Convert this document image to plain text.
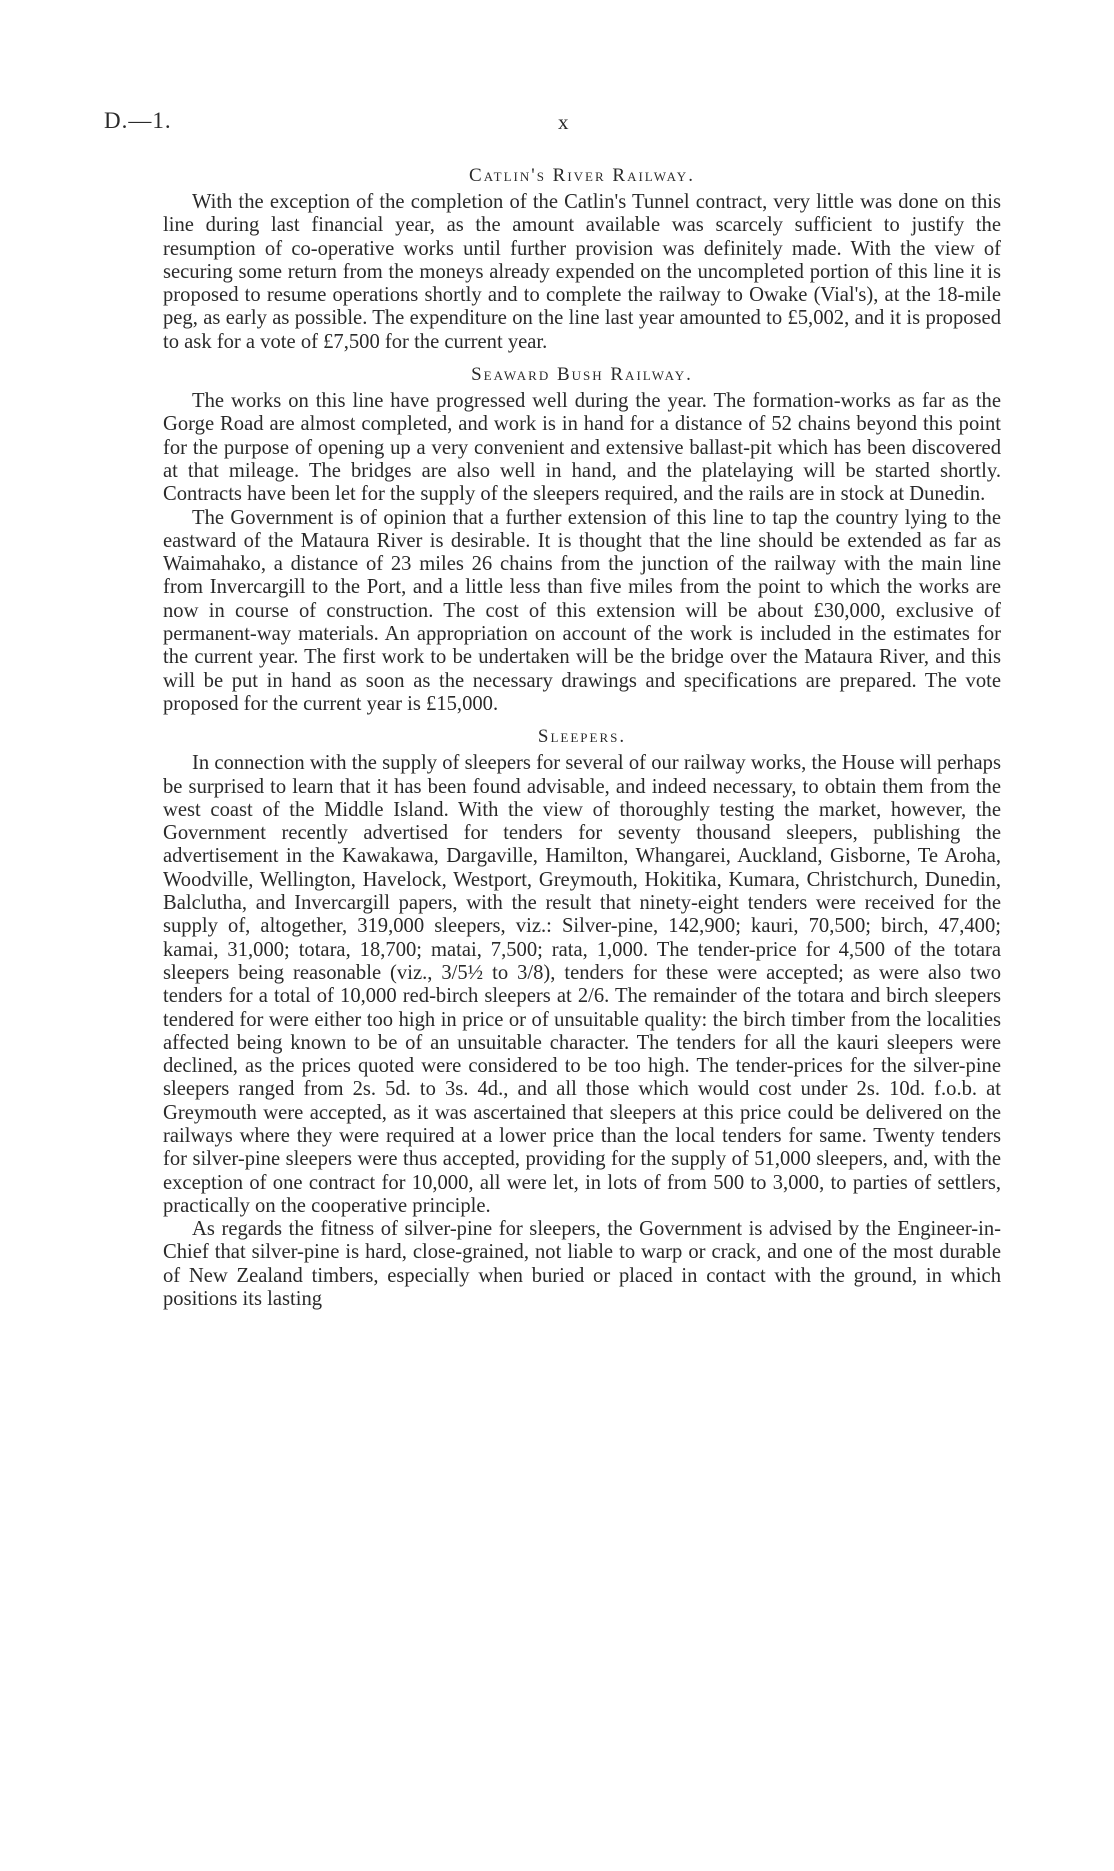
D.—1.	x
Catlin's River Railway.

With the exception of the completion of the Catlin's Tunnel contract, very little was done on this line during last financial year, as the amount available was scarcely sufficient to justify the resumption of co-operative works until further provision was definitely made. With the view of securing some return from the moneys already expended on the uncompleted portion of this line it is proposed to resume operations shortly and to complete the railway to Owake (Vial's), at the 18-mile peg, as early as possible. The expenditure on the line last year amounted to £5,002, and it is proposed to ask for a vote of £7,500 for the current year.

Seaward Bush Railway.

The works on this line have progressed well during the year. The formation-works as far as the Gorge Road are almost completed, and work is in hand for a distance of 52 chains beyond this point for the purpose of opening up a very convenient and extensive ballast-pit which has been discovered at that mileage. The bridges are also well in hand, and the platelaying will be started shortly. Contracts have been let for the supply of the sleepers required, and the rails are in stock at Dunedin.

The Government is of opinion that a further extension of this line to tap the country lying to the eastward of the Mataura River is desirable. It is thought that the line should be extended as far as Waimahako, a distance of 23 miles 26 chains from the junction of the railway with the main line from Invercargill to the Port, and a little less than five miles from the point to which the works are now in course of construction. The cost of this extension will be about £30,000, exclusive of permanent-way materials. An appropriation on account of the work is included in the estimates for the current year. The first work to be undertaken will be the bridge over the Mataura River, and this will be put in hand as soon as the necessary drawings and specifications are prepared. The vote proposed for the current year is £15,000.

Sleepers.

In connection with the supply of sleepers for several of our railway works, the House will perhaps be surprised to learn that it has been found advisable, and indeed necessary, to obtain them from the west coast of the Middle Island. With the view of thoroughly testing the market, however, the Government recently advertised for tenders for seventy thousand sleepers, publishing the advertisement in the Kawakawa, Dargaville, Hamilton, Whangarei, Auckland, Gisborne, Te Aroha, Woodville, Wellington, Havelock, Westport, Greymouth, Hokitika, Kumara, Christchurch, Dunedin, Balclutha, and Invercargill papers, with the result that ninety-eight tenders were received for the supply of, altogether, 319,000 sleepers, viz.: Silver-pine, 142,900; kauri, 70,500; birch, 47,400; kamai, 31,000; totara, 18,700; matai, 7,500; rata, 1,000. The tender-price for 4,500 of the totara sleepers being reasonable (viz., 3/5½ to 3/8), tenders for these were accepted; as were also two tenders for a total of 10,000 red-birch sleepers at 2/6. The remainder of the totara and birch sleepers tendered for were either too high in price or of unsuitable quality: the birch timber from the localities affected being known to be of an unsuitable character. The tenders for all the kauri sleepers were declined, as the prices quoted were considered to be too high. The tender-prices for the silver-pine sleepers ranged from 2s. 5d. to 3s. 4d., and all those which would cost under 2s. 10d. f.o.b. at Greymouth were accepted, as it was ascertained that sleepers at this price could be delivered on the railways where they were required at a lower price than the local tenders for same. Twenty tenders for silver-pine sleepers were thus accepted, providing for the supply of 51,000 sleepers, and, with the exception of one contract for 10,000, all were let, in lots of from 500 to 3,000, to parties of settlers, practically on the cooperative principle.

As regards the fitness of silver-pine for sleepers, the Government is advised by the Engineer-in-Chief that silver-pine is hard, close-grained, not liable to warp or crack, and one of the most durable of New Zealand timbers, especially when buried or placed in contact with the ground, in which positions its lasting
